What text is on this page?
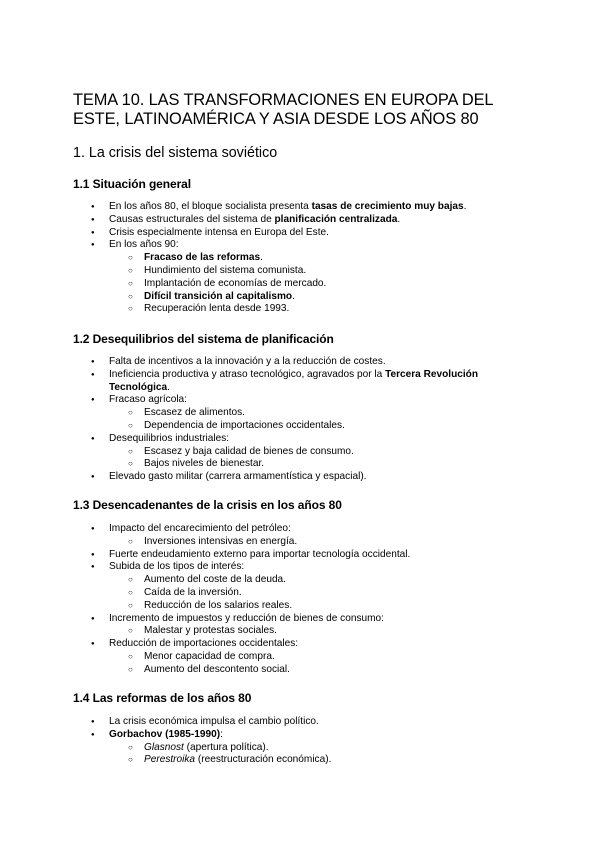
TEMA 10. LAS TRANSFORMACIONES EN EUROPA DEL ESTE, LATINOAMÉRICA Y ASIA DESDE LOS AÑOS 80
1. La crisis del sistema soviético
1.1 Situación general
● En los años 80, el bloque socialista presenta tasas de crecimiento muy bajas.
● Causas estructurales del sistema de planificación centralizada.
● Crisis especialmente intensa en Europa del Este.
● En los años 90:
○ Fracaso de las reformas.
○ Hundimiento del sistema comunista.
○ Implantación de economías de mercado.
○ Difícil transición al capitalismo.
○ Recuperación lenta desde 1993.
1.2 Desequilibrios del sistema de planificación
● Falta de incentivos a la innovación y a la reducción de costes.
● Ineficiencia productiva y atraso tecnológico, agravados por la Tercera Revolución Tecnológica.
● Fracaso agrícola:
○ Escasez de alimentos.
○ Dependencia de importaciones occidentales.
● Desequilibrios industriales:
○ Escasez y baja calidad de bienes de consumo.
○ Bajos niveles de bienestar.
● Elevado gasto militar (carrera armamentística y espacial).
1.3 Desencadenantes de la crisis en los años 80
● Impacto del encarecimiento del petróleo:
○ Inversiones intensivas en energía.
● Fuerte endeudamiento externo para importar tecnología occidental.
● Subida de los tipos de interés:
○ Aumento del coste de la deuda.
○ Caída de la inversión.
○ Reducción de los salarios reales.
● Incremento de impuestos y reducción de bienes de consumo:
○ Malestar y protestas sociales.
● Reducción de importaciones occidentales:
○ Menor capacidad de compra.
○ Aumento del descontento social.
1.4 Las reformas de los años 80
● La crisis económica impulsa el cambio político.
● Gorbachov (1985-1990):
○ Glasnost (apertura política).
○ Perestroika (reestructuración económica).
